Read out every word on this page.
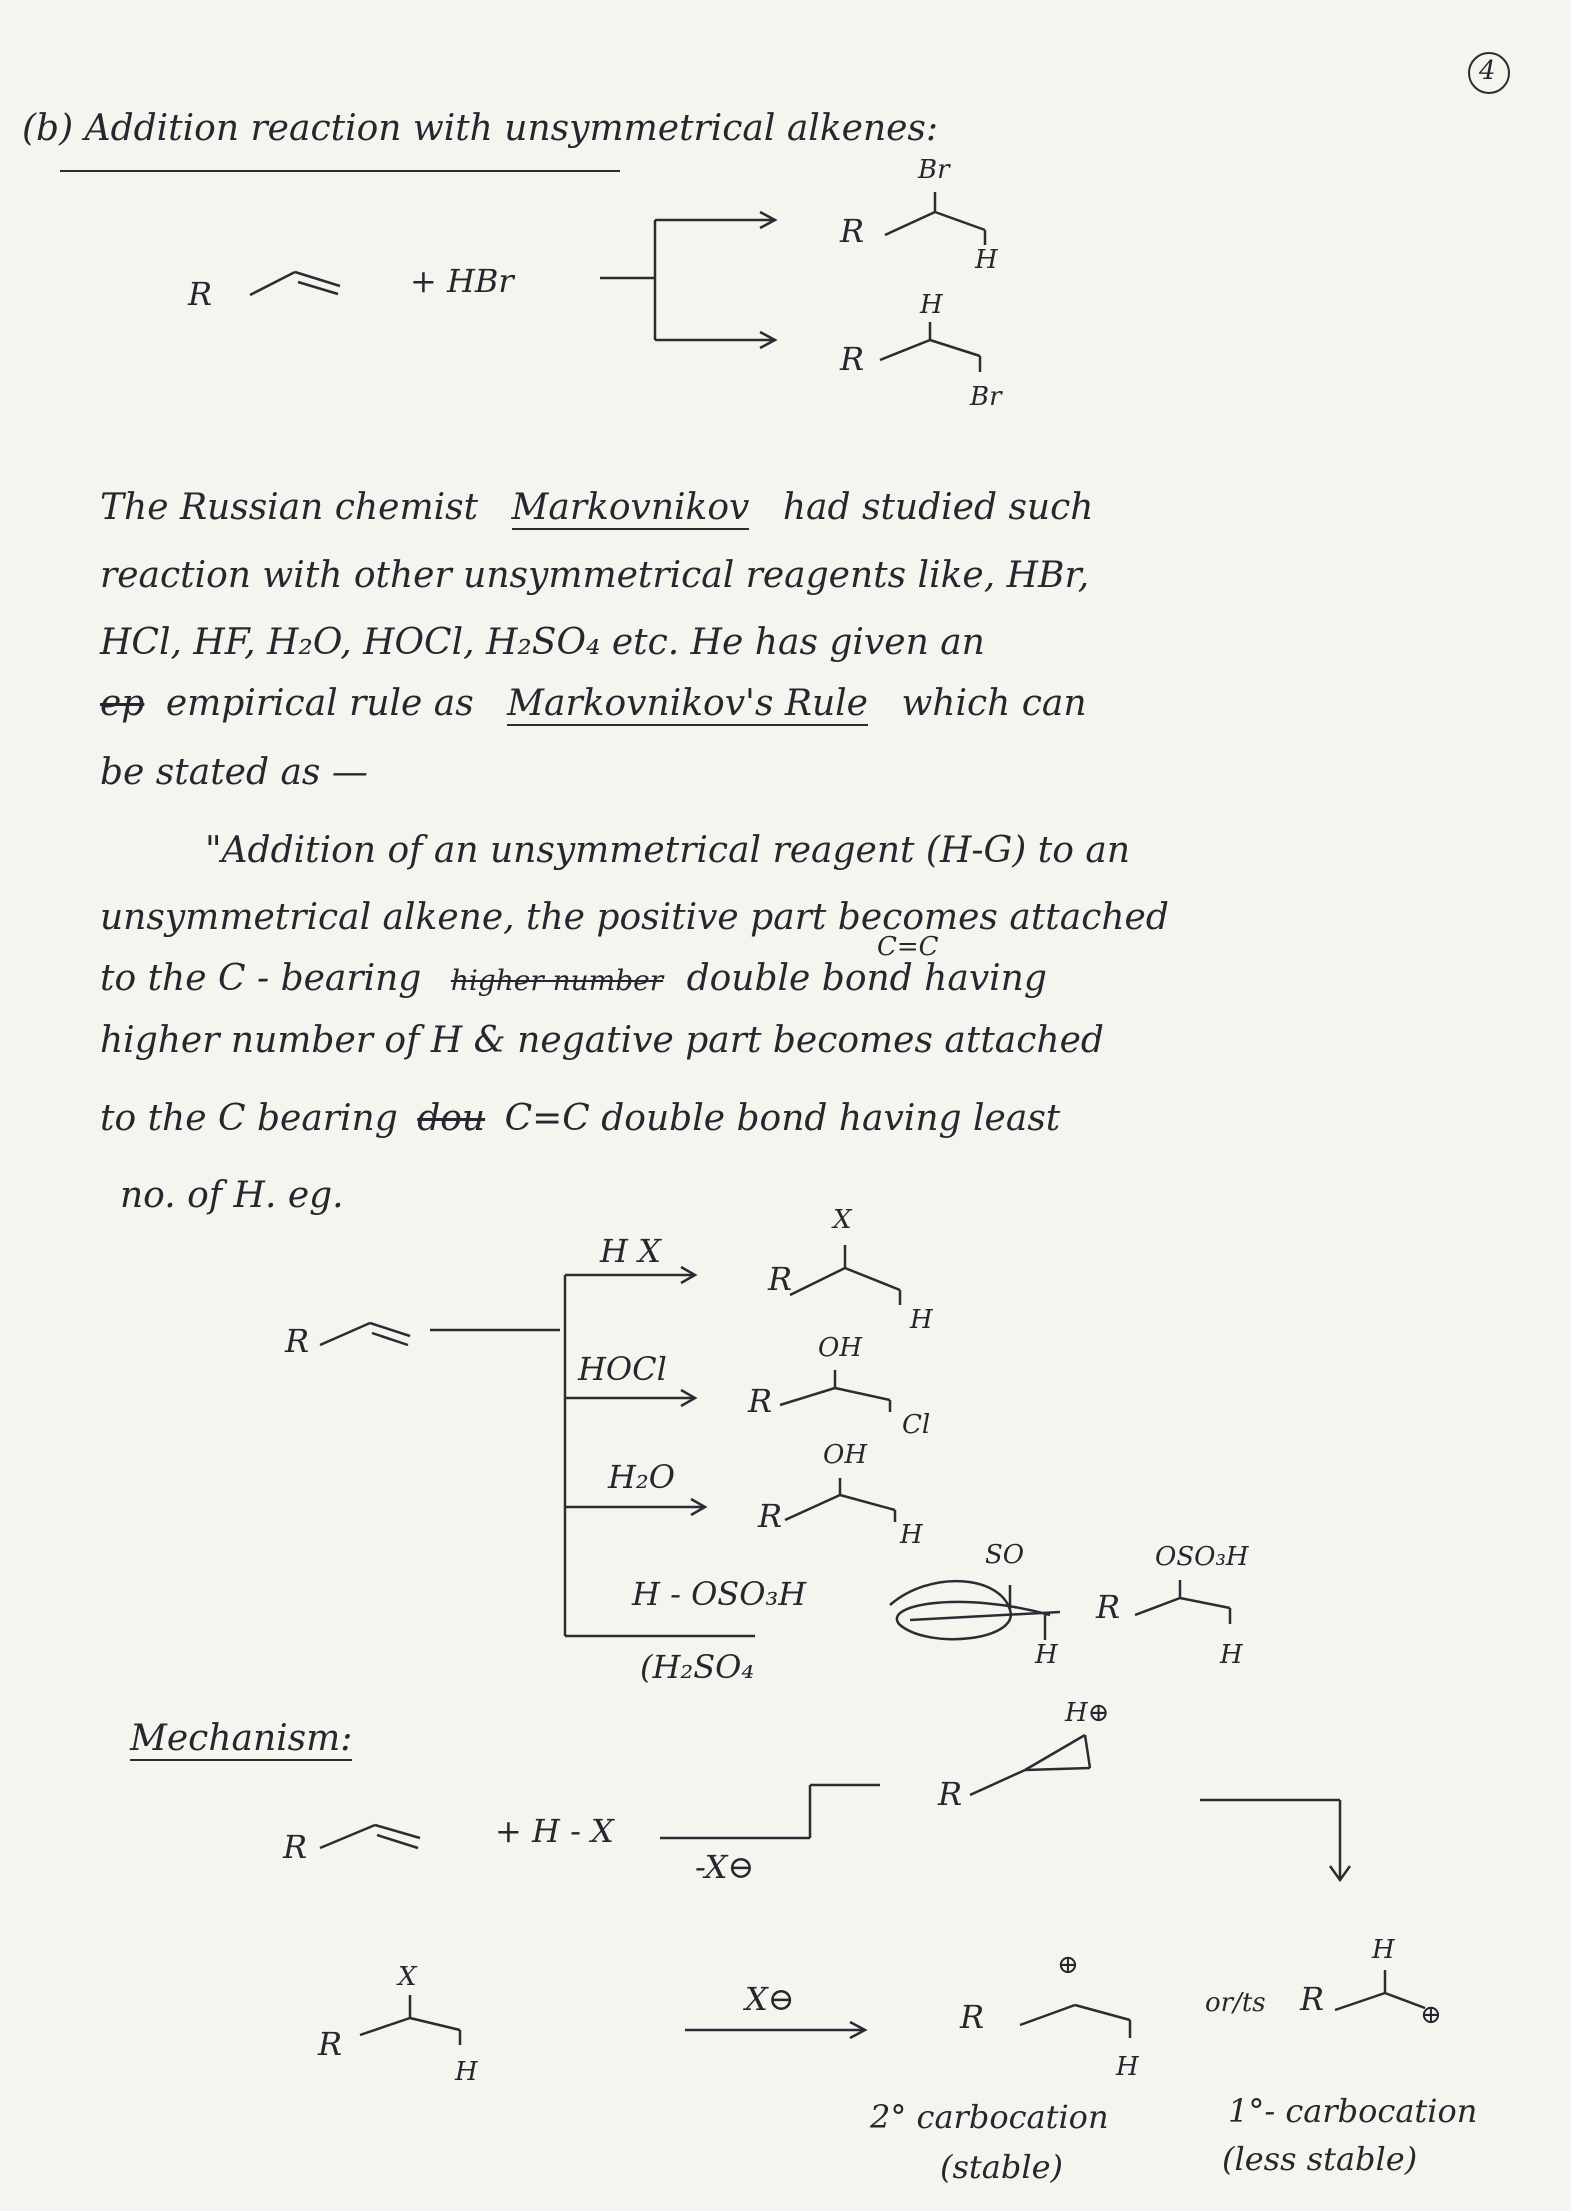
4
(b) Addition reaction with unsymmetrical alkenes:
R	+ HBr
R
Br
H
R
H
Br
The Russian chemist Markovnikov had studied such
reaction with other unsymmetrical reagents like, HBr,
HCl, HF, H₂O, HOCl, H₂SO₄ etc. He has given an
ep empirical rule as Markovnikov's Rule which can
be stated as —
"Addition of an unsymmetrical reagent (H-G) to an
unsymmetrical alkene, the positive part becomes attached
C=C
to the C - bearing higher number double bond having
higher number of H & negative part becomes attached
to the C bearing dou C=C double bond having least
no. of H. eg.
R
H X
HOCl
H₂O
H - OSO₃H
(H₂SO₄
R
X
H
R
OH
Cl
R
OH
H
SO
H
R
OSO₃H
H
Mechanism:
R	+ H - X
-X⊖
R
H⊕
R
X
H
X⊖	R
⊕
H
or/ts R
H
⊕
2° carbocation
(stable)
1°- carbocation
(less stable)
